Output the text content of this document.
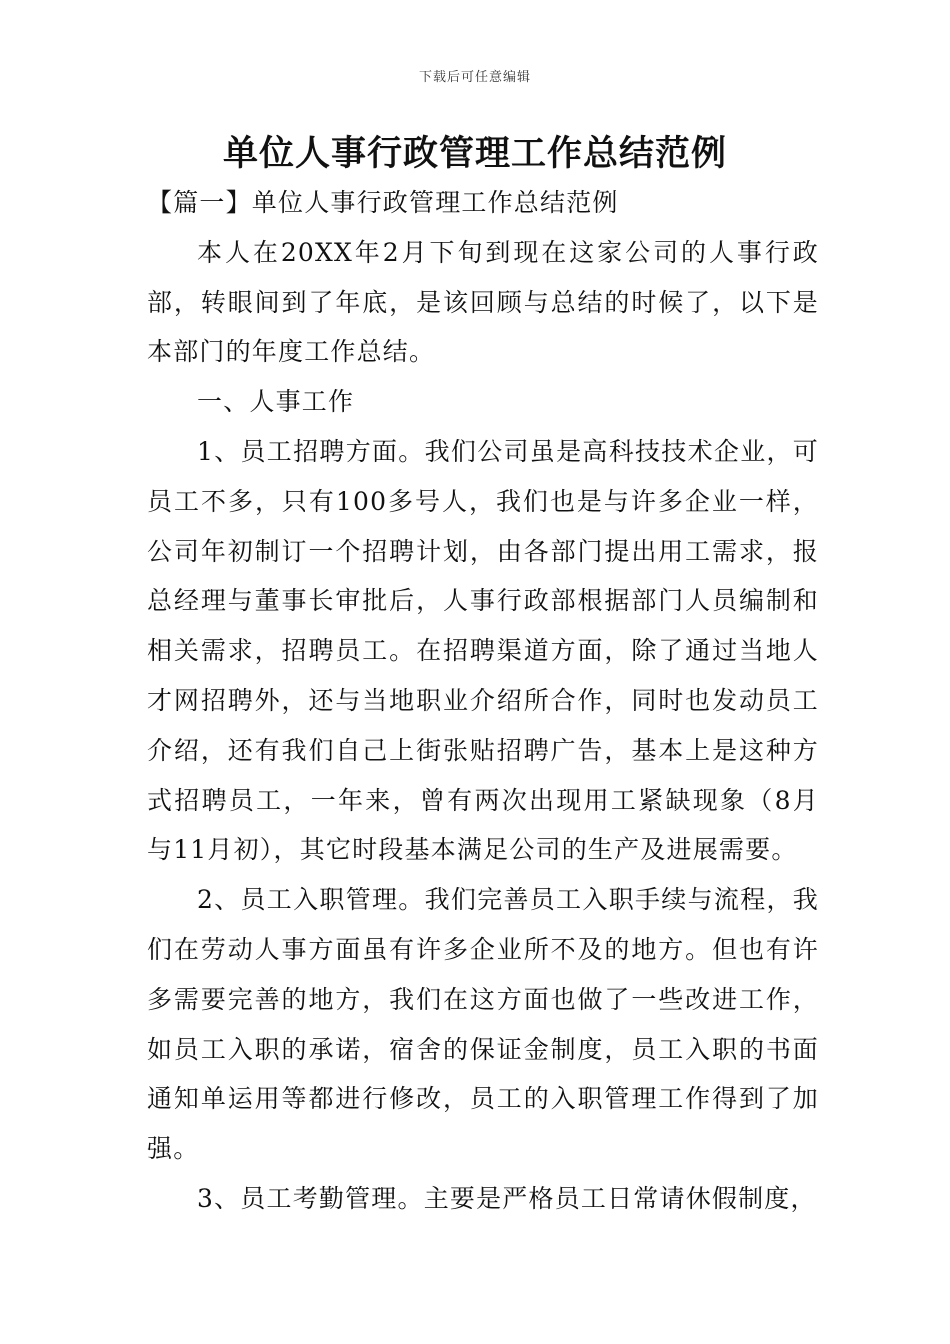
下载后可任意编辑
单位人事行政管理工作总结范例

【篇一】单位人事行政管理工作总结范例

本人在20XX年2月下旬到现在这家公司的人事行政部，转眼间到了年底，是该回顾与总结的时候了，以下是本部门的年度工作总结。

一、人事工作

1、员工招聘方面。我们公司虽是高科技技术企业，可员工不多，只有100多号人，我们也是与许多企业一样，公司年初制订一个招聘计划，由各部门提出用工需求，报总经理与董事长审批后，人事行政部根据部门人员编制和相关需求，招聘员工。在招聘渠道方面，除了通过当地人才网招聘外，还与当地职业介绍所合作，同时也发动员工介绍，还有我们自己上街张贴招聘广告，基本上是这种方式招聘员工，一年来，曾有两次出现用工紧缺现象（8月与11月初），其它时段基本满足公司的生产及进展需要。

2、员工入职管理。我们完善员工入职手续与流程，我们在劳动人事方面虽有许多企业所不及的地方。但也有许多需要完善的地方，我们在这方面也做了一些改进工作，如员工入职的承诺，宿舍的保证金制度，员工入职的书面通知单运用等都进行修改，员工的入职管理工作得到了加强。

3、员工考勤管理。主要是严格员工日常请休假制度，
